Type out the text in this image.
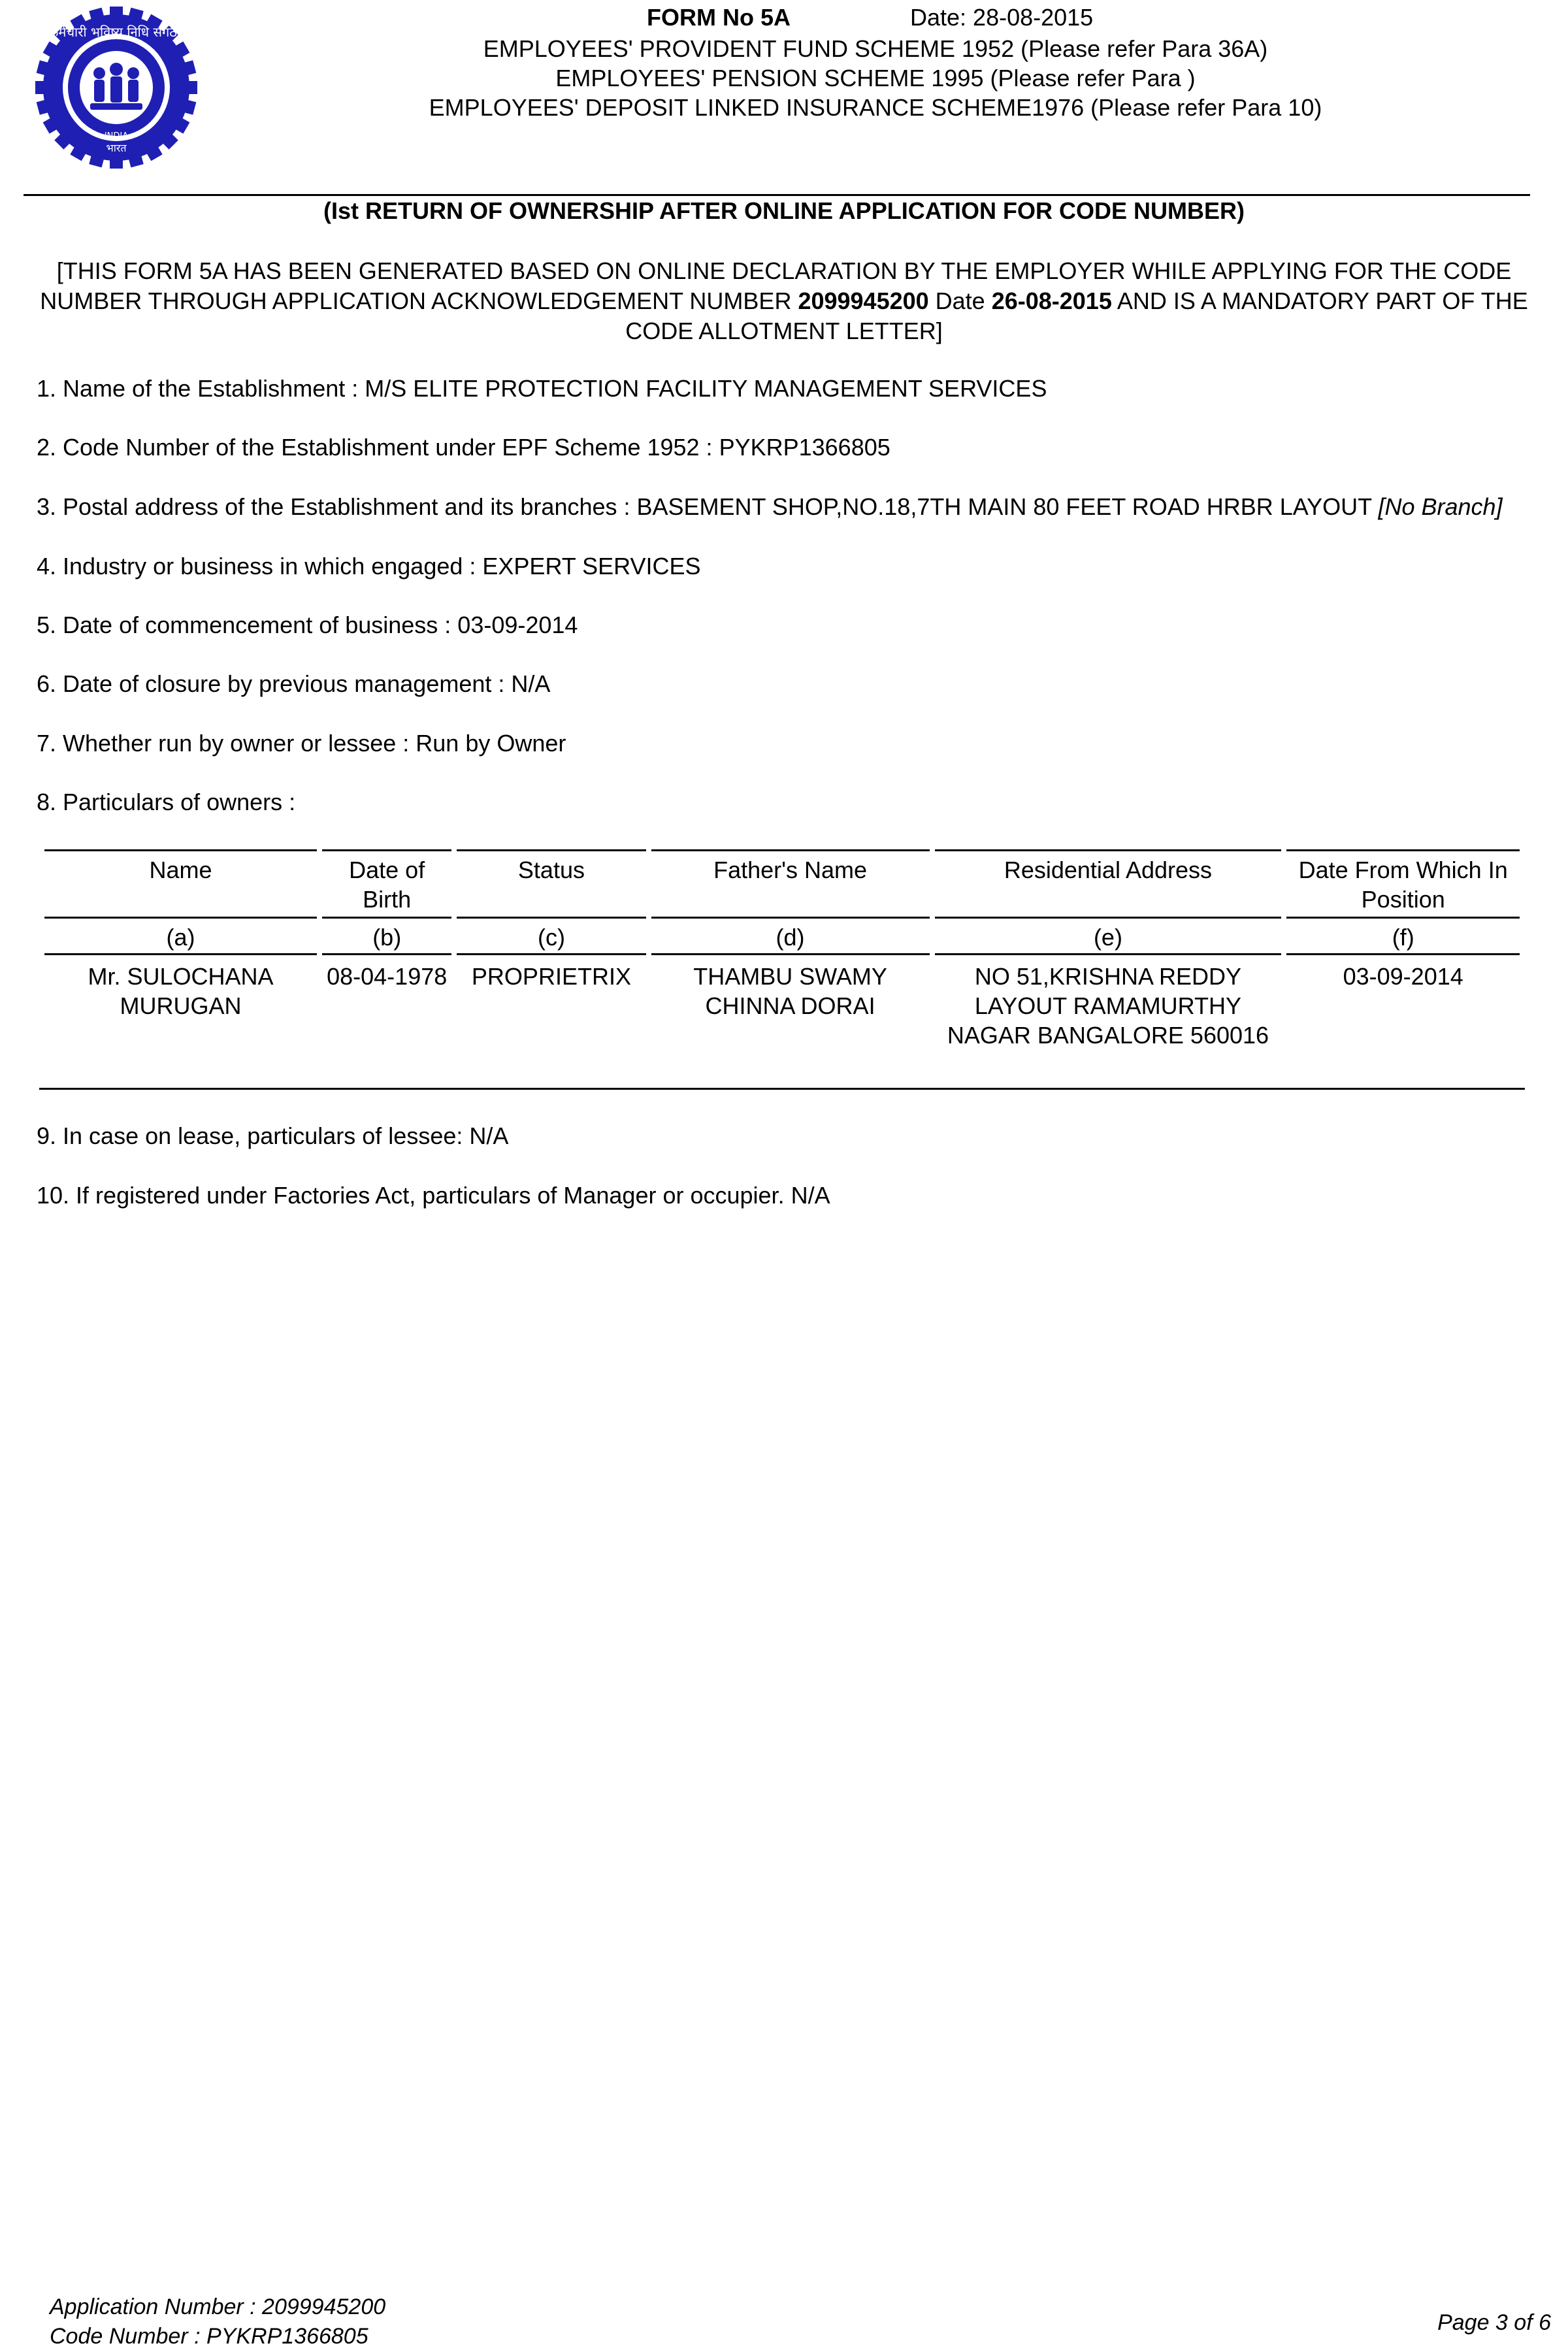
कर्मचारी भविष्य निधि संगठन
INDIA
भारत
FORM No 5A	Date: 28-08-2015
EMPLOYEES' PROVIDENT FUND SCHEME 1952 (Please refer Para 36A)
EMPLOYEES' PENSION SCHEME 1995 (Please refer Para )
EMPLOYEES' DEPOSIT LINKED INSURANCE SCHEME1976 (Please refer Para 10)
(Ist RETURN OF OWNERSHIP AFTER ONLINE APPLICATION FOR CODE NUMBER)
[THIS FORM 5A HAS BEEN GENERATED BASED ON ONLINE DECLARATION BY THE EMPLOYER WHILE APPLYING FOR THE CODE NUMBER THROUGH APPLICATION ACKNOWLEDGEMENT NUMBER 2099945200 Date 26-08-2015 AND IS A MANDATORY PART OF THE CODE ALLOTMENT LETTER]
1. Name of the Establishment : M/S ELITE PROTECTION FACILITY MANAGEMENT SERVICES
2. Code Number of the Establishment under EPF Scheme 1952 : PYKRP1366805
3. Postal address of the Establishment and its branches : BASEMENT SHOP,NO.18,7TH MAIN 80 FEET ROAD HRBR LAYOUT [No Branch]
4. Industry or business in which engaged : EXPERT SERVICES
5. Date of commencement of business : 03-09-2014
6. Date of closure by previous management : N/A
7. Whether run by owner or lessee : Run by Owner
8. Particulars of owners :
Name	Date of Birth	Status	Father's Name	Residential Address	Date From Which In Position
(a)	(b)	(c)	(d)	(e)	(f)
Mr. SULOCHANA MURUGAN	08-04-1978	PROPRIETRIX	THAMBU SWAMY CHINNA DORAI	NO 51,KRISHNA REDDY LAYOUT RAMAMURTHY NAGAR BANGALORE 560016	03-09-2014
9. In case on lease, particulars of lessee: N/A
10. If registered under Factories Act, particulars of Manager or occupier. N/A
Application Number : 2099945200
Code Number : PYKRP1366805
Page 3 of 6
